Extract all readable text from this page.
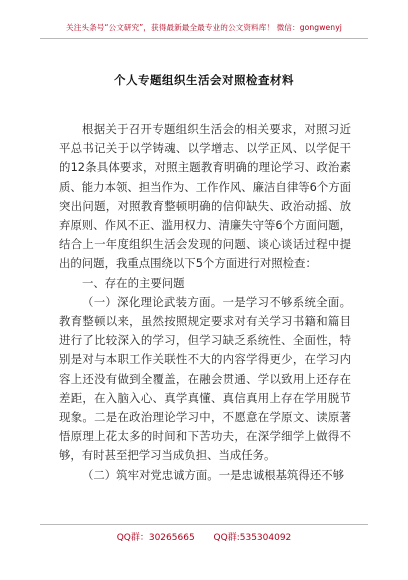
关注头条号“公文研究”，获得最新最全最专业的公文资料库！ 微信：gongwenyj
个人专题组织生活会对照检查材料

根据关于召开专题组织生活会的相关要求，对照习近平总书记关于以学铸魂、以学增志、以学正风、以学促干的12条具体要求，对照主题教育明确的理论学习、政治素质、能力本领、担当作为、工作作风、廉洁自律等6个方面突出问题，对照教育整顿明确的信仰缺失、政治动摇、放弃原则、作风不正、滥用权力、清廉失守等6个方面问题，结合上一年度组织生活会发现的问题、谈心谈话过程中提出的问题，我重点围绕以下5个方面进行对照检查：

一、存在的主要问题

（一）深化理论武装方面。一是学习不够系统全面。教育整顿以来，虽然按照规定要求对有关学习书籍和篇目进行了比较深入的学习，但学习缺乏系统性、全面性，特别是对与本职工作关联性不大的内容学得更少，在学习内容上还没有做到全覆盖，在融会贯通、学以致用上还存在差距，在入脑入心、真学真懂、真信真用上存在学用脱节现象。二是在政治理论学习中，不愿意在学原文、读原著悟原理上花太多的时间和下苦功夫，在深学细学上做得不够，有时甚至把学习当成负担、当成任务。

（二）筑牢对党忠诚方面。一是忠诚根基筑得还不够

QQ群：30265665 QQ群:535304092
